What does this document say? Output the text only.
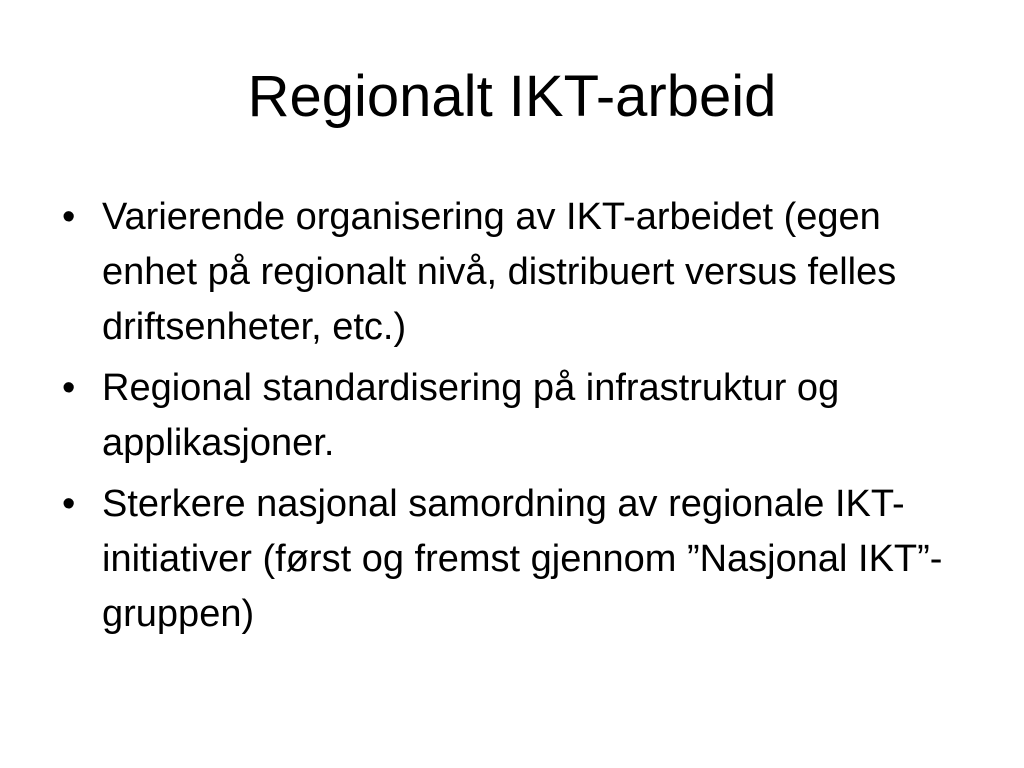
Regionalt IKT-arbeid
• Varierende organisering av IKT-arbeidet (egen enhet på regionalt nivå, distribuert versus felles driftsenheter, etc.)
• Regional standardisering på infrastruktur og applikasjoner.
• Sterkere nasjonal samordning av regionale IKT-initiativer (først og fremst gjennom ”Nasjonal IKT”-gruppen)
